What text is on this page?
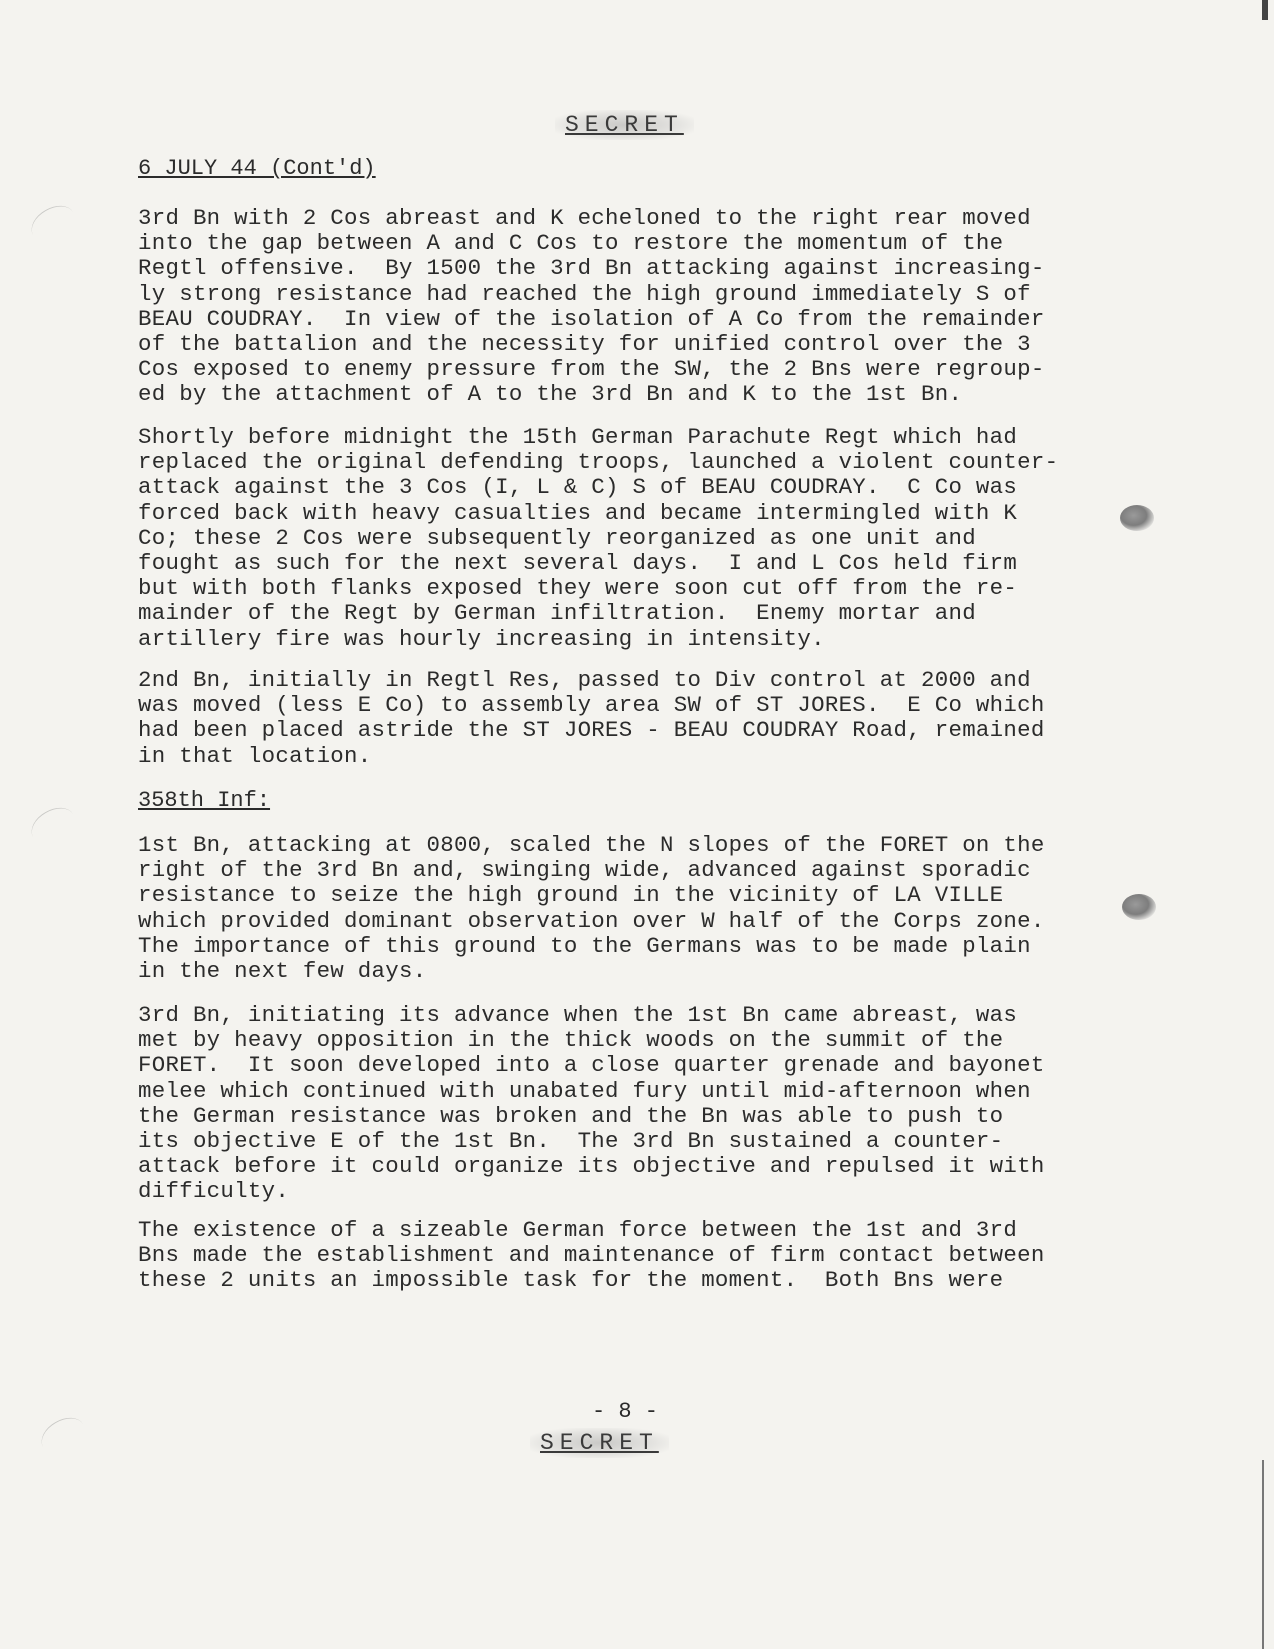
SECRET
6 JULY 44 (Cont'd)
3rd Bn with 2 Cos abreast and K echeloned to the right rear moved
into the gap between A and C Cos to restore the momentum of the
Regtl offensive.  By 1500 the 3rd Bn attacking against increasing-
ly strong resistance had reached the high ground immediately S of
BEAU COUDRAY.  In view of the isolation of A Co from the remainder
of the battalion and the necessity for unified control over the 3
Cos exposed to enemy pressure from the SW, the 2 Bns were regroup-
ed by the attachment of A to the 3rd Bn and K to the 1st Bn.
Shortly before midnight the 15th German Parachute Regt which had
replaced the original defending troops, launched a violent counter-
attack against the 3 Cos (I, L & C) S of BEAU COUDRAY.  C Co was
forced back with heavy casualties and became intermingled with K
Co; these 2 Cos were subsequently reorganized as one unit and
fought as such for the next several days.  I and L Cos held firm
but with both flanks exposed they were soon cut off from the re-
mainder of the Regt by German infiltration.  Enemy mortar and
artillery fire was hourly increasing in intensity.
2nd Bn, initially in Regtl Res, passed to Div control at 2000 and
was moved (less E Co) to assembly area SW of ST JORES.  E Co which
had been placed astride the ST JORES - BEAU COUDRAY Road, remained
in that location.
358th Inf:
1st Bn, attacking at 0800, scaled the N slopes of the FORET on the
right of the 3rd Bn and, swinging wide, advanced against sporadic
resistance to seize the high ground in the vicinity of LA VILLE
which provided dominant observation over W half of the Corps zone.
The importance of this ground to the Germans was to be made plain
in the next few days.
3rd Bn, initiating its advance when the 1st Bn came abreast, was
met by heavy opposition in the thick woods on the summit of the
FORET.  It soon developed into a close quarter grenade and bayonet
melee which continued with unabated fury until mid-afternoon when
the German resistance was broken and the Bn was able to push to
its objective E of the 1st Bn.  The 3rd Bn sustained a counter-
attack before it could organize its objective and repulsed it with
difficulty.
The existence of a sizeable German force between the 1st and 3rd
Bns made the establishment and maintenance of firm contact between
these 2 units an impossible task for the moment.  Both Bns were
- 8 -
SECRET
